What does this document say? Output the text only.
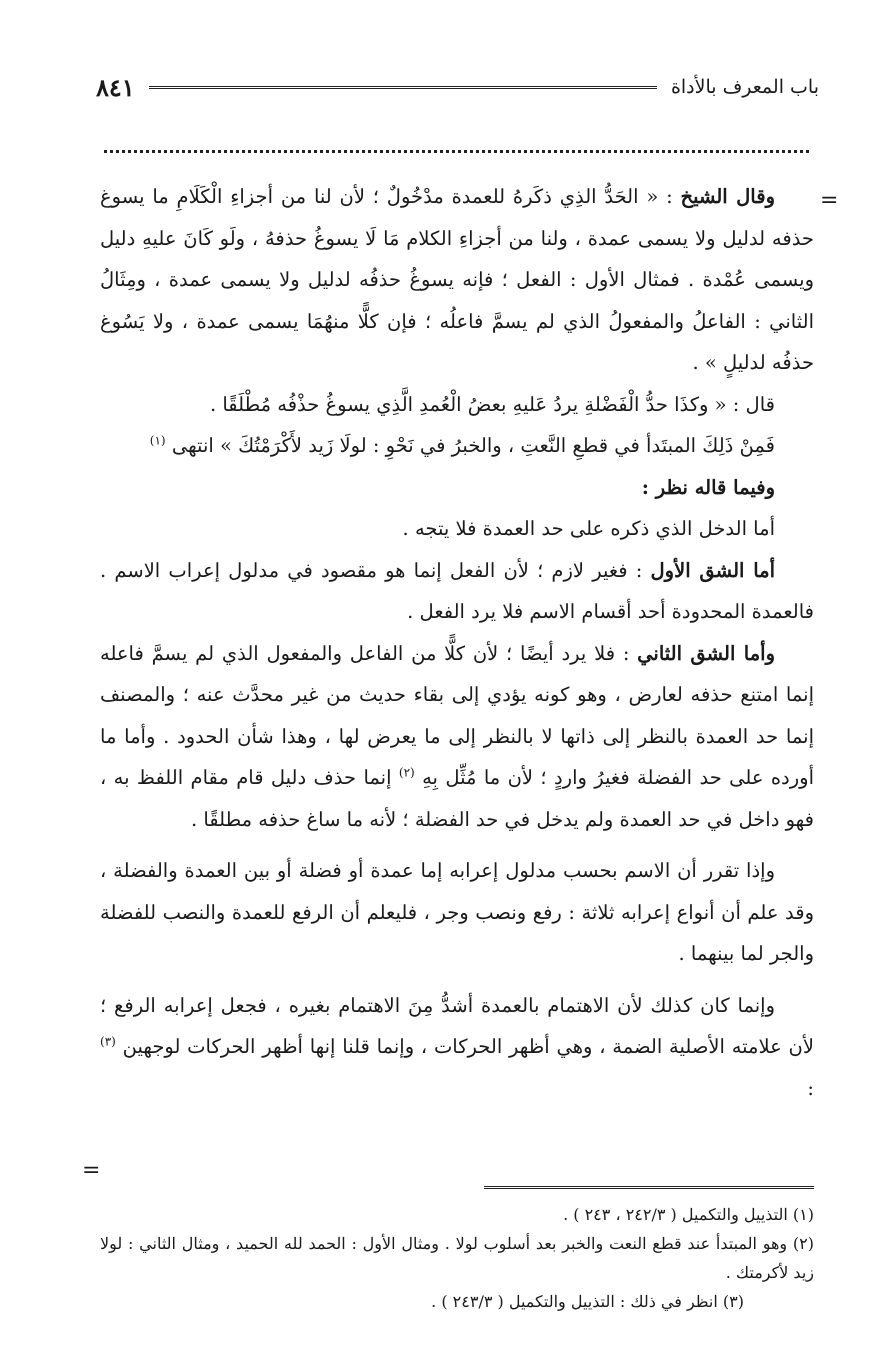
باب المعرف بالأداة
٨٤١
=
=

وقال الشيخ : « الحَدُّ الذِي ذكَرهُ للعمدة مدْخُولٌ ؛ لأن لنا من أجزاءِ الْكَلَامِ ما يسوغ حذفه لدليل ولا يسمى عمدة ، ولنا من أجزاءِ الكلام مَا لَا يسوغُ حذفهُ ، ولَو كَانَ عليهِ دليل ويسمى عُمْدة . فمثال الأول : الفعل ؛ فإنه يسوغُ حذفُه لدليل ولا يسمى عمدة ، ومِثَالُ الثاني : الفاعلُ والمفعولُ الذي لم يسمَّ فاعلُه ؛ فإن كلًّا منهُمَا يسمى عمدة ، ولا يَسُوغ حذفُه لدليلٍ » .

قال : « وكذَا حدُّ الْفَضْلةِ يردُ عَليهِ بعضُ الْعُمدِ الَّذِي يسوغُ حذْفُه مُطْلَقًا .

فَمِنْ ذَلِكَ المبتَدأ في قطعِ النَّعتِ ، والخبرُ في نَحْوِ : لولَا زَيد لأَكْرَمْتُكَ » انتهى $^{(١)}$

وفيما قاله نظر :

أما الدخل الذي ذكره على حد العمدة فلا يتجه .

أما الشق الأول : فغير لازم ؛ لأن الفعل إنما هو مقصود في مدلول إعراب الاسم . فالعمدة المحدودة أحد أقسام الاسم فلا يرد الفعل .

وأما الشق الثاني : فلا يرد أيضًا ؛ لأن كلًّا من الفاعل والمفعول الذي لم يسمَّ فاعله إنما امتنع حذفه لعارض ، وهو كونه يؤدي إلى بقاء حديث من غير محدَّث عنه ؛ والمصنف إنما حد العمدة بالنظر إلى ذاتها لا بالنظر إلى ما يعرض لها ، وهذا شأن الحدود . وأما ما أورده على حد الفضلة فغيرُ واردٍ ؛ لأن ما مُثِّل بِهِ $^{(٢)}$ إنما حذف دليل قام مقام اللفظ به ، فهو داخل في حد العمدة ولم يدخل في حد الفضلة ؛ لأنه ما ساغ حذفه مطلقًا .

وإذا تقرر أن الاسم بحسب مدلول إعرابه إما عمدة أو فضلة أو بين العمدة والفضلة ، وقد علم أن أنواع إعرابه ثلاثة : رفع ونصب وجر ، فليعلم أن الرفع للعمدة والنصب للفضلة والجر لما بينهما .

وإنما كان كذلك لأن الاهتمام بالعمدة أشدُّ مِنَ الاهتمام بغيره ، فجعل إعرابه الرفع ؛ لأن علامته الأصلية الضمة ، وهي أظهر الحركات ، وإنما قلنا إنها أظهر الحركات لوجهين $^{(٣)}$ :

(١) التذييل والتكميل ( ٢٤٢/٣ ، ٢٤٣ ) .

(٢) وهو المبتدأ عند قطع النعت والخبر بعد أسلوب لولا . ومثال الأول : الحمد لله الحميد ، ومثال الثاني : لولا زيد لأكرمتك .

(٣) انظر في ذلك : التذييل والتكميل ( ٢٤٣/٣ ) .
